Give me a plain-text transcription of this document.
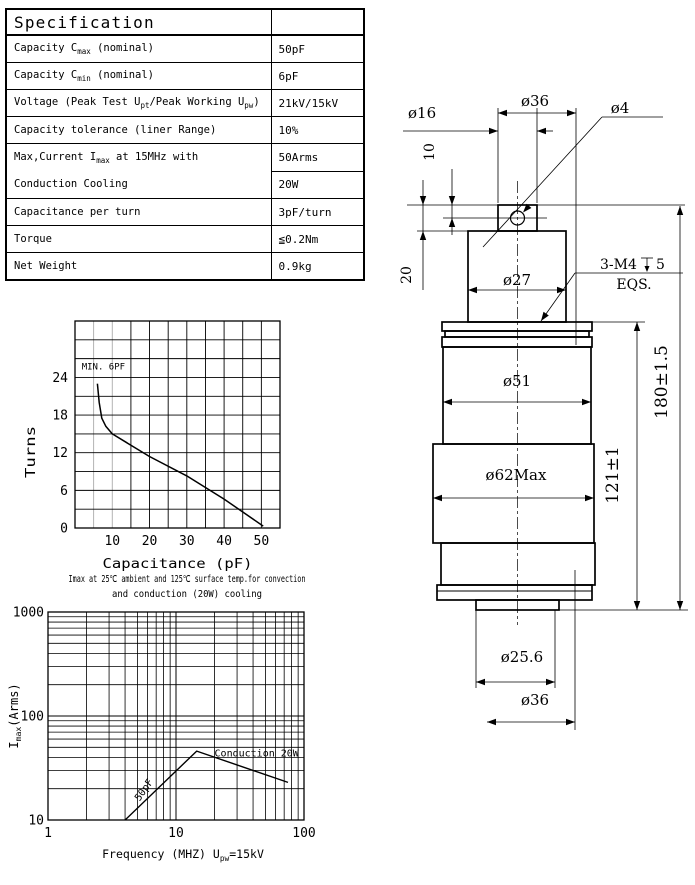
Specification	
Capacity $C_{max}$ (nominal)	50pF
Capacity $C_{min}$ (nominal)	6pF
Voltage (Peak Test $U_{pt}$/Peak Working $U_{pw}$)	21kV/15kV
Capacity tolerance (liner Range)	10%

Max,Current $I_{max}$ at 15MHz with
Conduction Cooling	50Arms
	20W
Capacitance per turn	3pF/turn
Torque	≦0.2Nm
Net Weight	0.9kg
10 20 30 40 50
0
6
12
18
24
Capacitance (pF)
Turns
MIN. 6PF
Imax at 25℃ ambient and 125℃ surface temp.for convection
and conduction (20W) cooling
1	10	100
10
100
1000
Frequency (MHZ) $U_{pw}=15kV$
$I_{max}(Arms)$
Conduction 20W
50pF
ø36
ø16
10
20
ø4
3-M4 5
EQS.
ø27
ø51
ø62Max	121±1
180±1.5
ø25.6
ø36
